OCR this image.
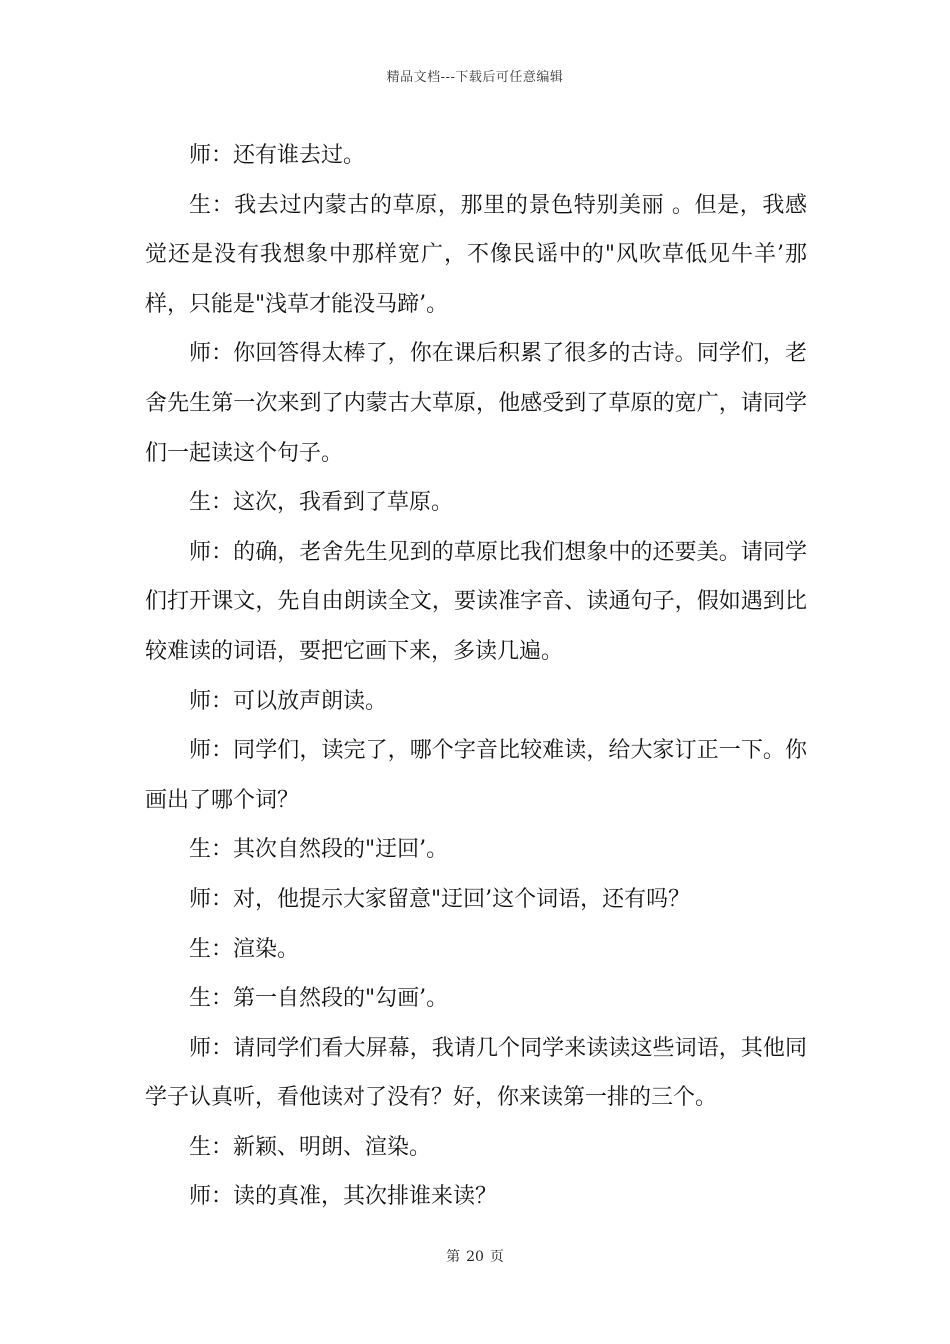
精品文档---下载后可任意编辑

师：还有谁去过。

生：我去过内蒙古的草原，那里的景色特别美丽 。但是，我感觉还是没有我想象中那样宽广，不像民谣中的"风吹草低见牛羊’那样，只能是"浅草才能没马蹄’。

师：你回答得太棒了，你在课后积累了很多的古诗。同学们，老舍先生第一次来到了内蒙古大草原，他感受到了草原的宽广，请同学们一起读这个句子。

生：这次，我看到了草原。

师：的确，老舍先生见到的草原比我们想象中的还要美。请同学们打开课文，先自由朗读全文，要读准字音、读通句子，假如遇到比较难读的词语，要把它画下来，多读几遍。

师：可以放声朗读。

师：同学们，读完了，哪个字音比较难读，给大家订正一下。你画出了哪个词？

生：其次自然段的"迂回’。

师：对，他提示大家留意"迂回’这个词语，还有吗？

生：渲染。

生：第一自然段的"勾画’。

师：请同学们看大屏幕，我请几个同学来读读这些词语，其他同学子认真听，看他读对了没有？好，你来读第一排的三个。

生：新颖、明朗、渲染。

师：读的真准，其次排谁来读？

第 20 页
